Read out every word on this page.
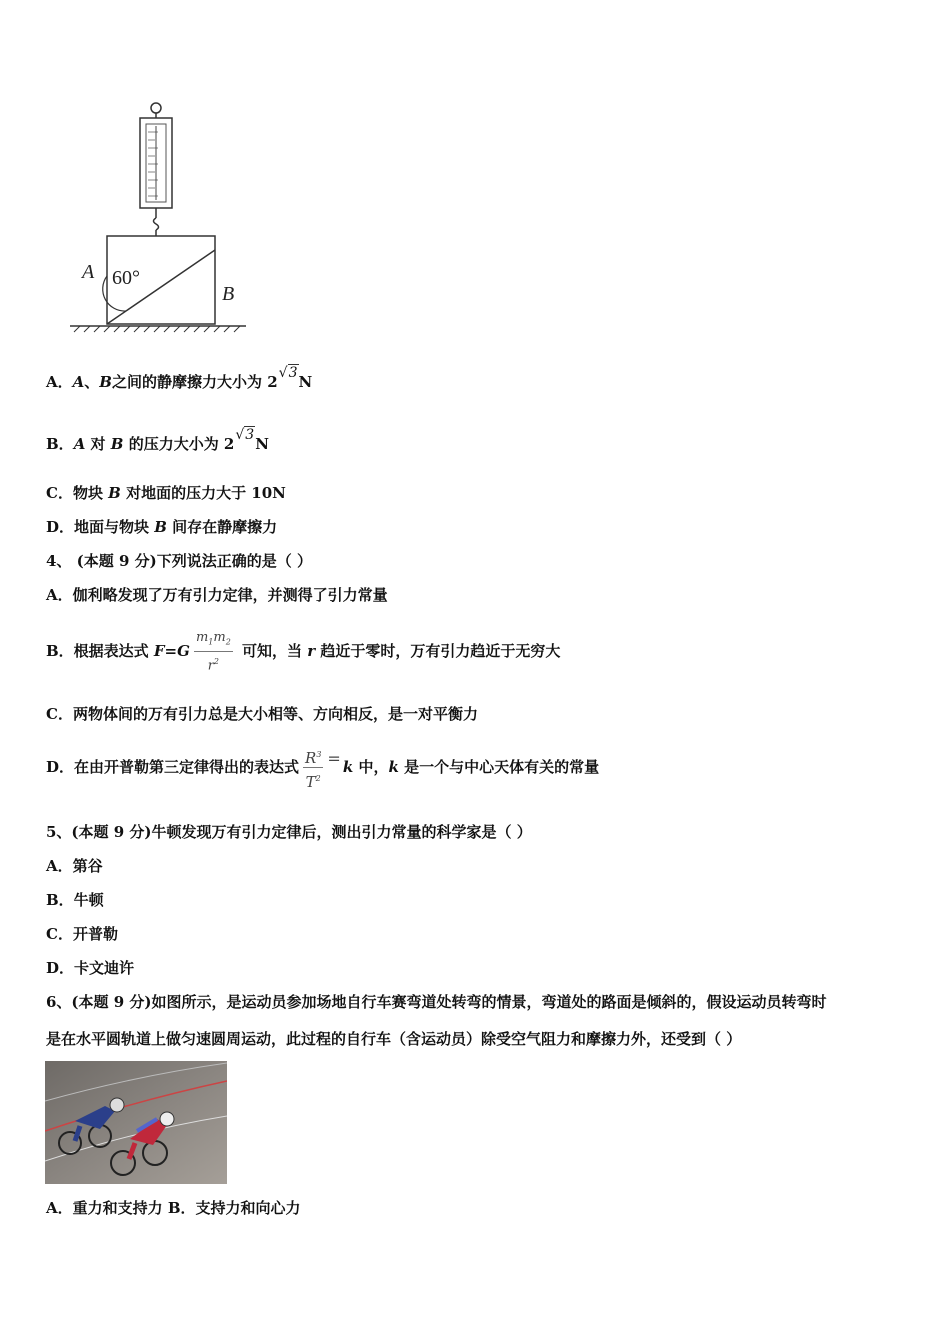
A 60°
B
A．A、B之间的静摩擦力大小为 2√3N
B．A 对 B 的压力大小为 2√3N
C．物块 B 对地面的压力大于 10N
D．地面与物块 B 间存在静摩擦力
4、 (本题 9 分)下列说法正确的是（ ）
A．伽利略发现了万有引力定律，并测得了引力常量
B．根据表达式 $F=G \frac{m_1m_2}{r^2}$ 可知，当 r 趋近于零时，万有引力趋近于无穷大
C．两物体间的万有引力总是大小相等、方向相反，是一对平衡力
D．在由开普勒第三定律得出的表达式 $\frac{R^3}{T^2} = k$ 中，k 是一个与中心天体有关的常量
5、(本题 9 分)牛顿发现万有引力定律后，测出引力常量的科学家是（ ）
A．第谷
B．牛顿
C．开普勒
D．卡文迪许
6、(本题 9 分)如图所示，是运动员参加场地自行车赛弯道处转弯的情景，弯道处的路面是倾斜的，假设运动员转弯时
是在水平圆轨道上做匀速圆周运动，此过程的自行车（含运动员）除受空气阻力和摩擦力外，还受到（ ）
A．重力和支持力 B．支持力和向心力
